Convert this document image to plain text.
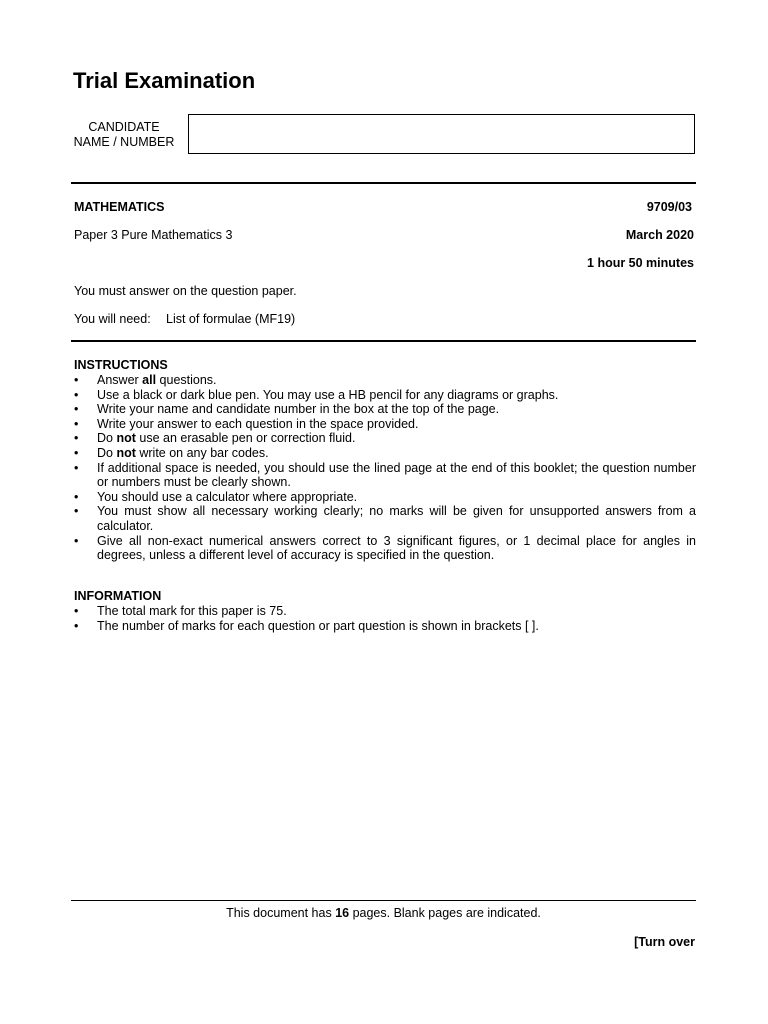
Trial Examination
CANDIDATE
NAME / NUMBER
MATHEMATICS	9709/03
Paper 3 Pure Mathematics 3	March 2020
1 hour 50 minutes
You must answer on the question paper.
You will need: List of formulae (MF19)
INSTRUCTIONS
•	Answer all questions.
•	Use a black or dark blue pen. You may use a HB pencil for any diagrams or graphs.
•	Write your name and candidate number in the box at the top of the page.
•	Write your answer to each question in the space provided.
•	Do not use an erasable pen or correction fluid.
•	Do not write on any bar codes.
•	If additional space is needed, you should use the lined page at the end of this booklet; the question number or numbers must be clearly shown.
•	You should use a calculator where appropriate.
•	You must show all necessary working clearly; no marks will be given for unsupported answers from a calculator.
•	Give all non-exact numerical answers correct to 3 significant figures, or 1 decimal place for angles in degrees, unless a different level of accuracy is specified in the question.
INFORMATION
•	The total mark for this paper is 75.
•	The number of marks for each question or part question is shown in brackets [ ].
This document has 16 pages. Blank pages are indicated.
[Turn over
